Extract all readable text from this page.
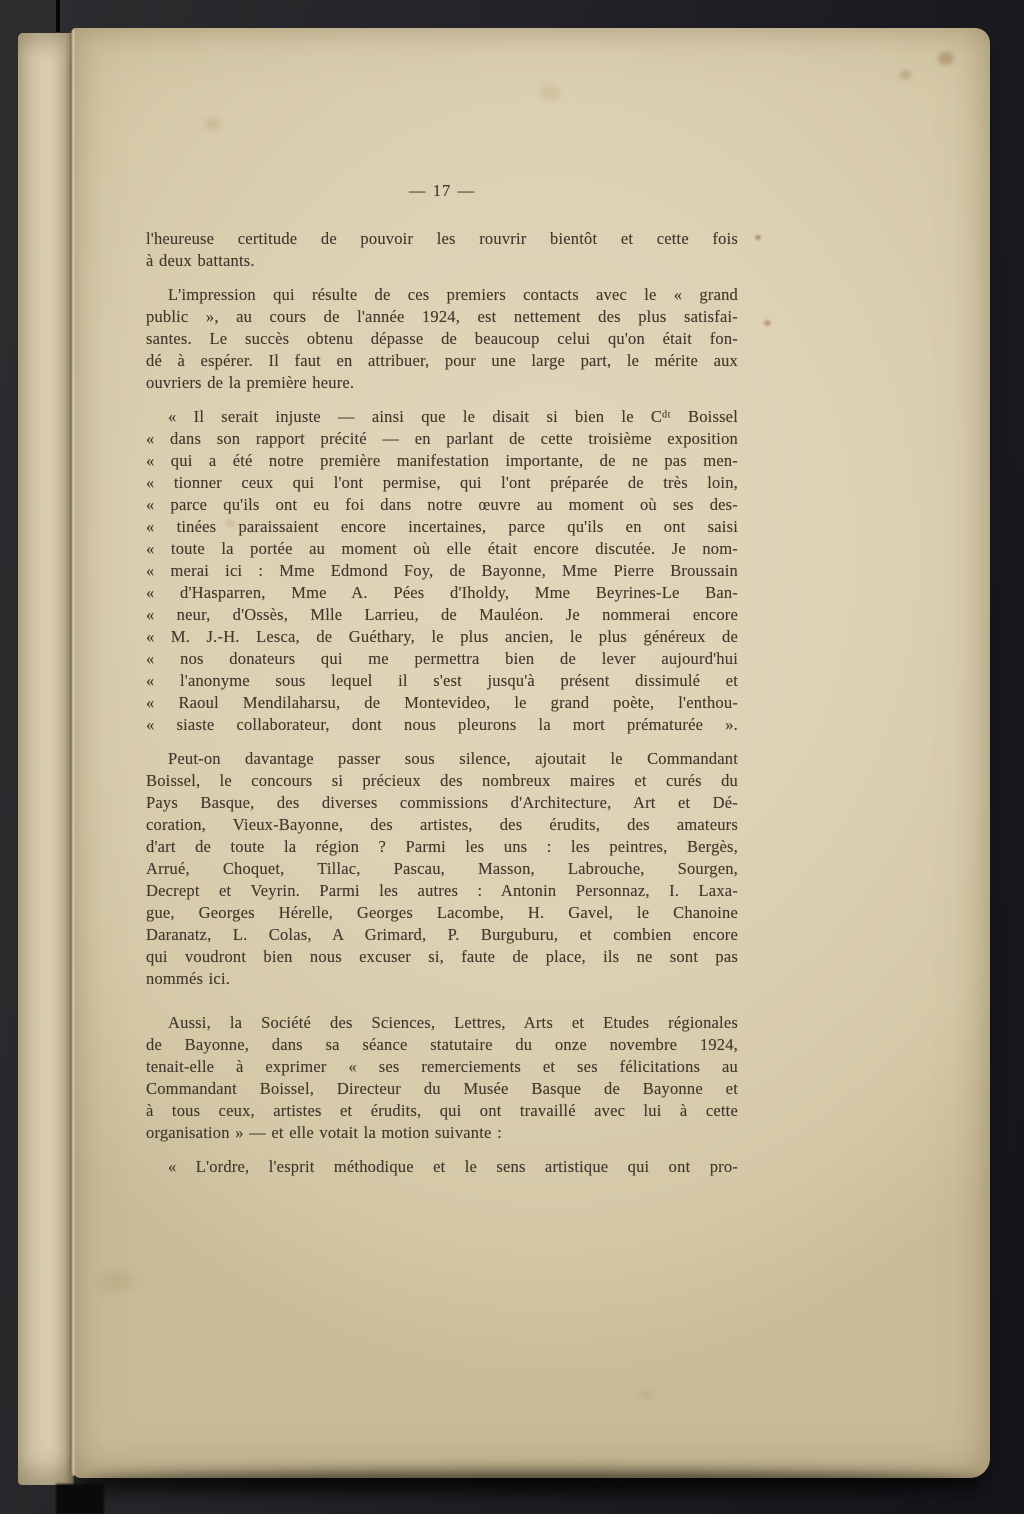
— 17 —
l'heureuse certitude de pouvoir les rouvrir bientôt et cette fois
à deux battants.
L'impression qui résulte de ces premiers contacts avec le « grand
public », au cours de l'année 1924, est nettement des plus satisfai-
santes. Le succès obtenu dépasse de beaucoup celui qu'on était fon-
dé à espérer. Il faut en attribuer, pour une large part, le mérite aux
ouvriers de la première heure.
« Il serait injuste — ainsi que le disait si bien le Cᵈᵗ Boissel
« dans son rapport précité — en parlant de cette troisième exposition
« qui a été notre première manifestation importante, de ne pas men-
« tionner ceux qui l'ont permise, qui l'ont préparée de très loin,
« parce qu'ils ont eu foi dans notre œuvre au moment où ses des-
« tinées paraissaient encore incertaines, parce qu'ils en ont saisi
« toute la portée au moment où elle était encore discutée. Je nom-
« merai ici : Mme Edmond Foy, de Bayonne, Mme Pierre Broussain
« d'Hasparren, Mme A. Pées d'Iholdy, Mme Beyrines-Le Ban-
« neur, d'Ossès, Mlle Larrieu, de Mauléon. Je nommerai encore
« M. J.-H. Lesca, de Guéthary, le plus ancien, le plus généreux de
« nos donateurs qui me permettra bien de lever aujourd'hui
« l'anonyme sous lequel il s'est jusqu'à présent dissimulé et
« Raoul Mendilaharsu, de Montevideo, le grand poète, l'enthou-
« siaste collaborateur, dont nous pleurons la mort prématurée ».
Peut-on davantage passer sous silence, ajoutait le Commandant
Boissel, le concours si précieux des nombreux maires et curés du
Pays Basque, des diverses commissions d'Architecture, Art et Dé-
coration, Vieux-Bayonne, des artistes, des érudits, des amateurs
d'art de toute la région ? Parmi les uns : les peintres, Bergès,
Arrué, Choquet, Tillac, Pascau, Masson, Labrouche, Sourgen,
Decrept et Veyrin. Parmi les autres : Antonin Personnaz, I. Laxa-
gue, Georges Hérelle, Georges Lacombe, H. Gavel, le Chanoine
Daranatz, L. Colas, A Grimard, P. Burguburu, et combien encore
qui voudront bien nous excuser si, faute de place, ils ne sont pas
nommés ici.
Aussi, la Société des Sciences, Lettres, Arts et Etudes régionales
de Bayonne, dans sa séance statutaire du onze novembre 1924,
tenait-elle à exprimer « ses remerciements et ses félicitations au
Commandant Boissel, Directeur du Musée Basque de Bayonne et
à tous ceux, artistes et érudits, qui ont travaillé avec lui à cette
organisation » — et elle votait la motion suivante :
« L'ordre, l'esprit méthodique et le sens artistique qui ont pro-
